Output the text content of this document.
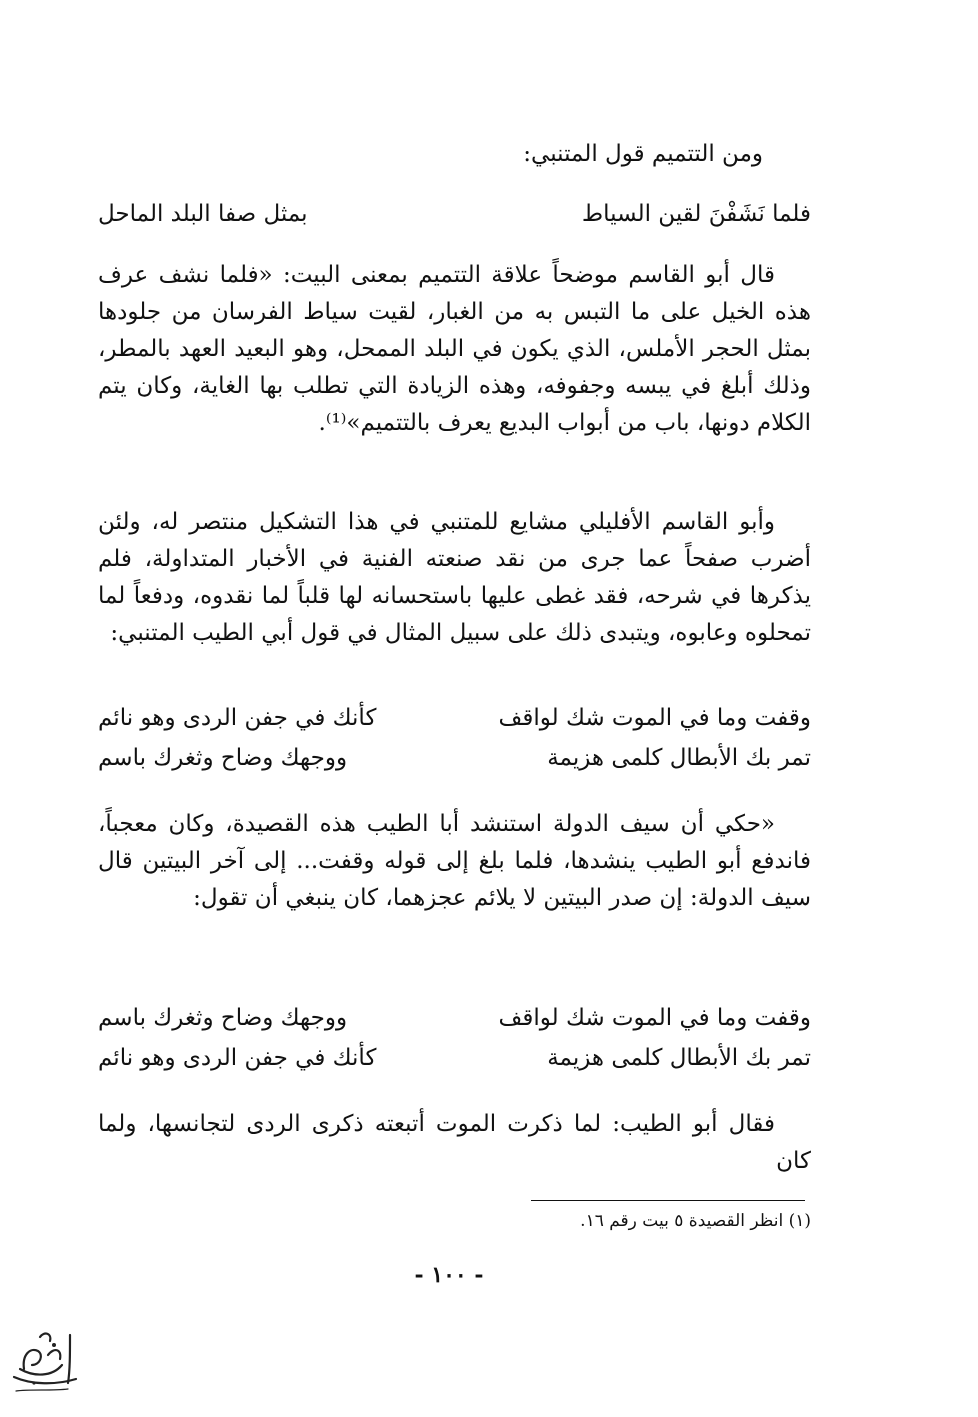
ومن التتميم قول المتنبي:
فلما نَشَفْنَ لقين السياط
بمثل صفا البلد الماحل
قال أبو القاسم موضحاً علاقة التتميم بمعنى البيت: «فلما نشف عرف هذه الخيل على ما التبس به من الغبار، لقيت سياط الفرسان من جلودها بمثل الحجر الأملس، الذي يكون في البلد الممحل، وهو البعيد العهد بالمطر، وذلك أبلغ في يبسه وجفوفه، وهذه الزيادة التي تطلب بها الغاية، وكان يتم الكلام دونها، باب من أبواب البديع يعرف بالتتميم»⁽¹⁾.
وأبو القاسم الأفليلي مشايع للمتنبي في هذا التشكيل منتصر له، ولئن أضرب صفحاً عما جرى من نقد صنعته الفنية في الأخبار المتداولة، فلم يذكرها في شرحه، فقد غطى عليها باستحسانه لها قلباً لما نقدوه، ودفعاً لما تمحلوه وعابوه، ويتبدى ذلك على سبيل المثال في قول أبي الطيب المتنبي:
وقفت وما في الموت شك لواقف
كأنك في جفن الردى وهو نائم
تمر بك الأبطال كلمى هزيمة
ووجهك وضاح وثغرك باسم
«حكي أن سيف الدولة استنشد أبا الطيب هذه القصيدة، وكان معجباً، فاندفع أبو الطيب ينشدها، فلما بلغ إلى قوله وقفت... إلى آخر البيتين قال سيف الدولة: إن صدر البيتين لا يلائم عجزهما، كان ينبغي أن تقول:
وقفت وما في الموت شك لواقف
ووجهك وضاح وثغرك باسم
تمر بك الأبطال كلمى هزيمة
كأنك في جفن الردى وهو نائم
فقال أبو الطيب: لما ذكرت الموت أتبعته ذكرى الردى لتجانسها، ولما كان
(١) انظر القصيدة ٥ بيت رقم ١٦.
- ١٠٠ -
